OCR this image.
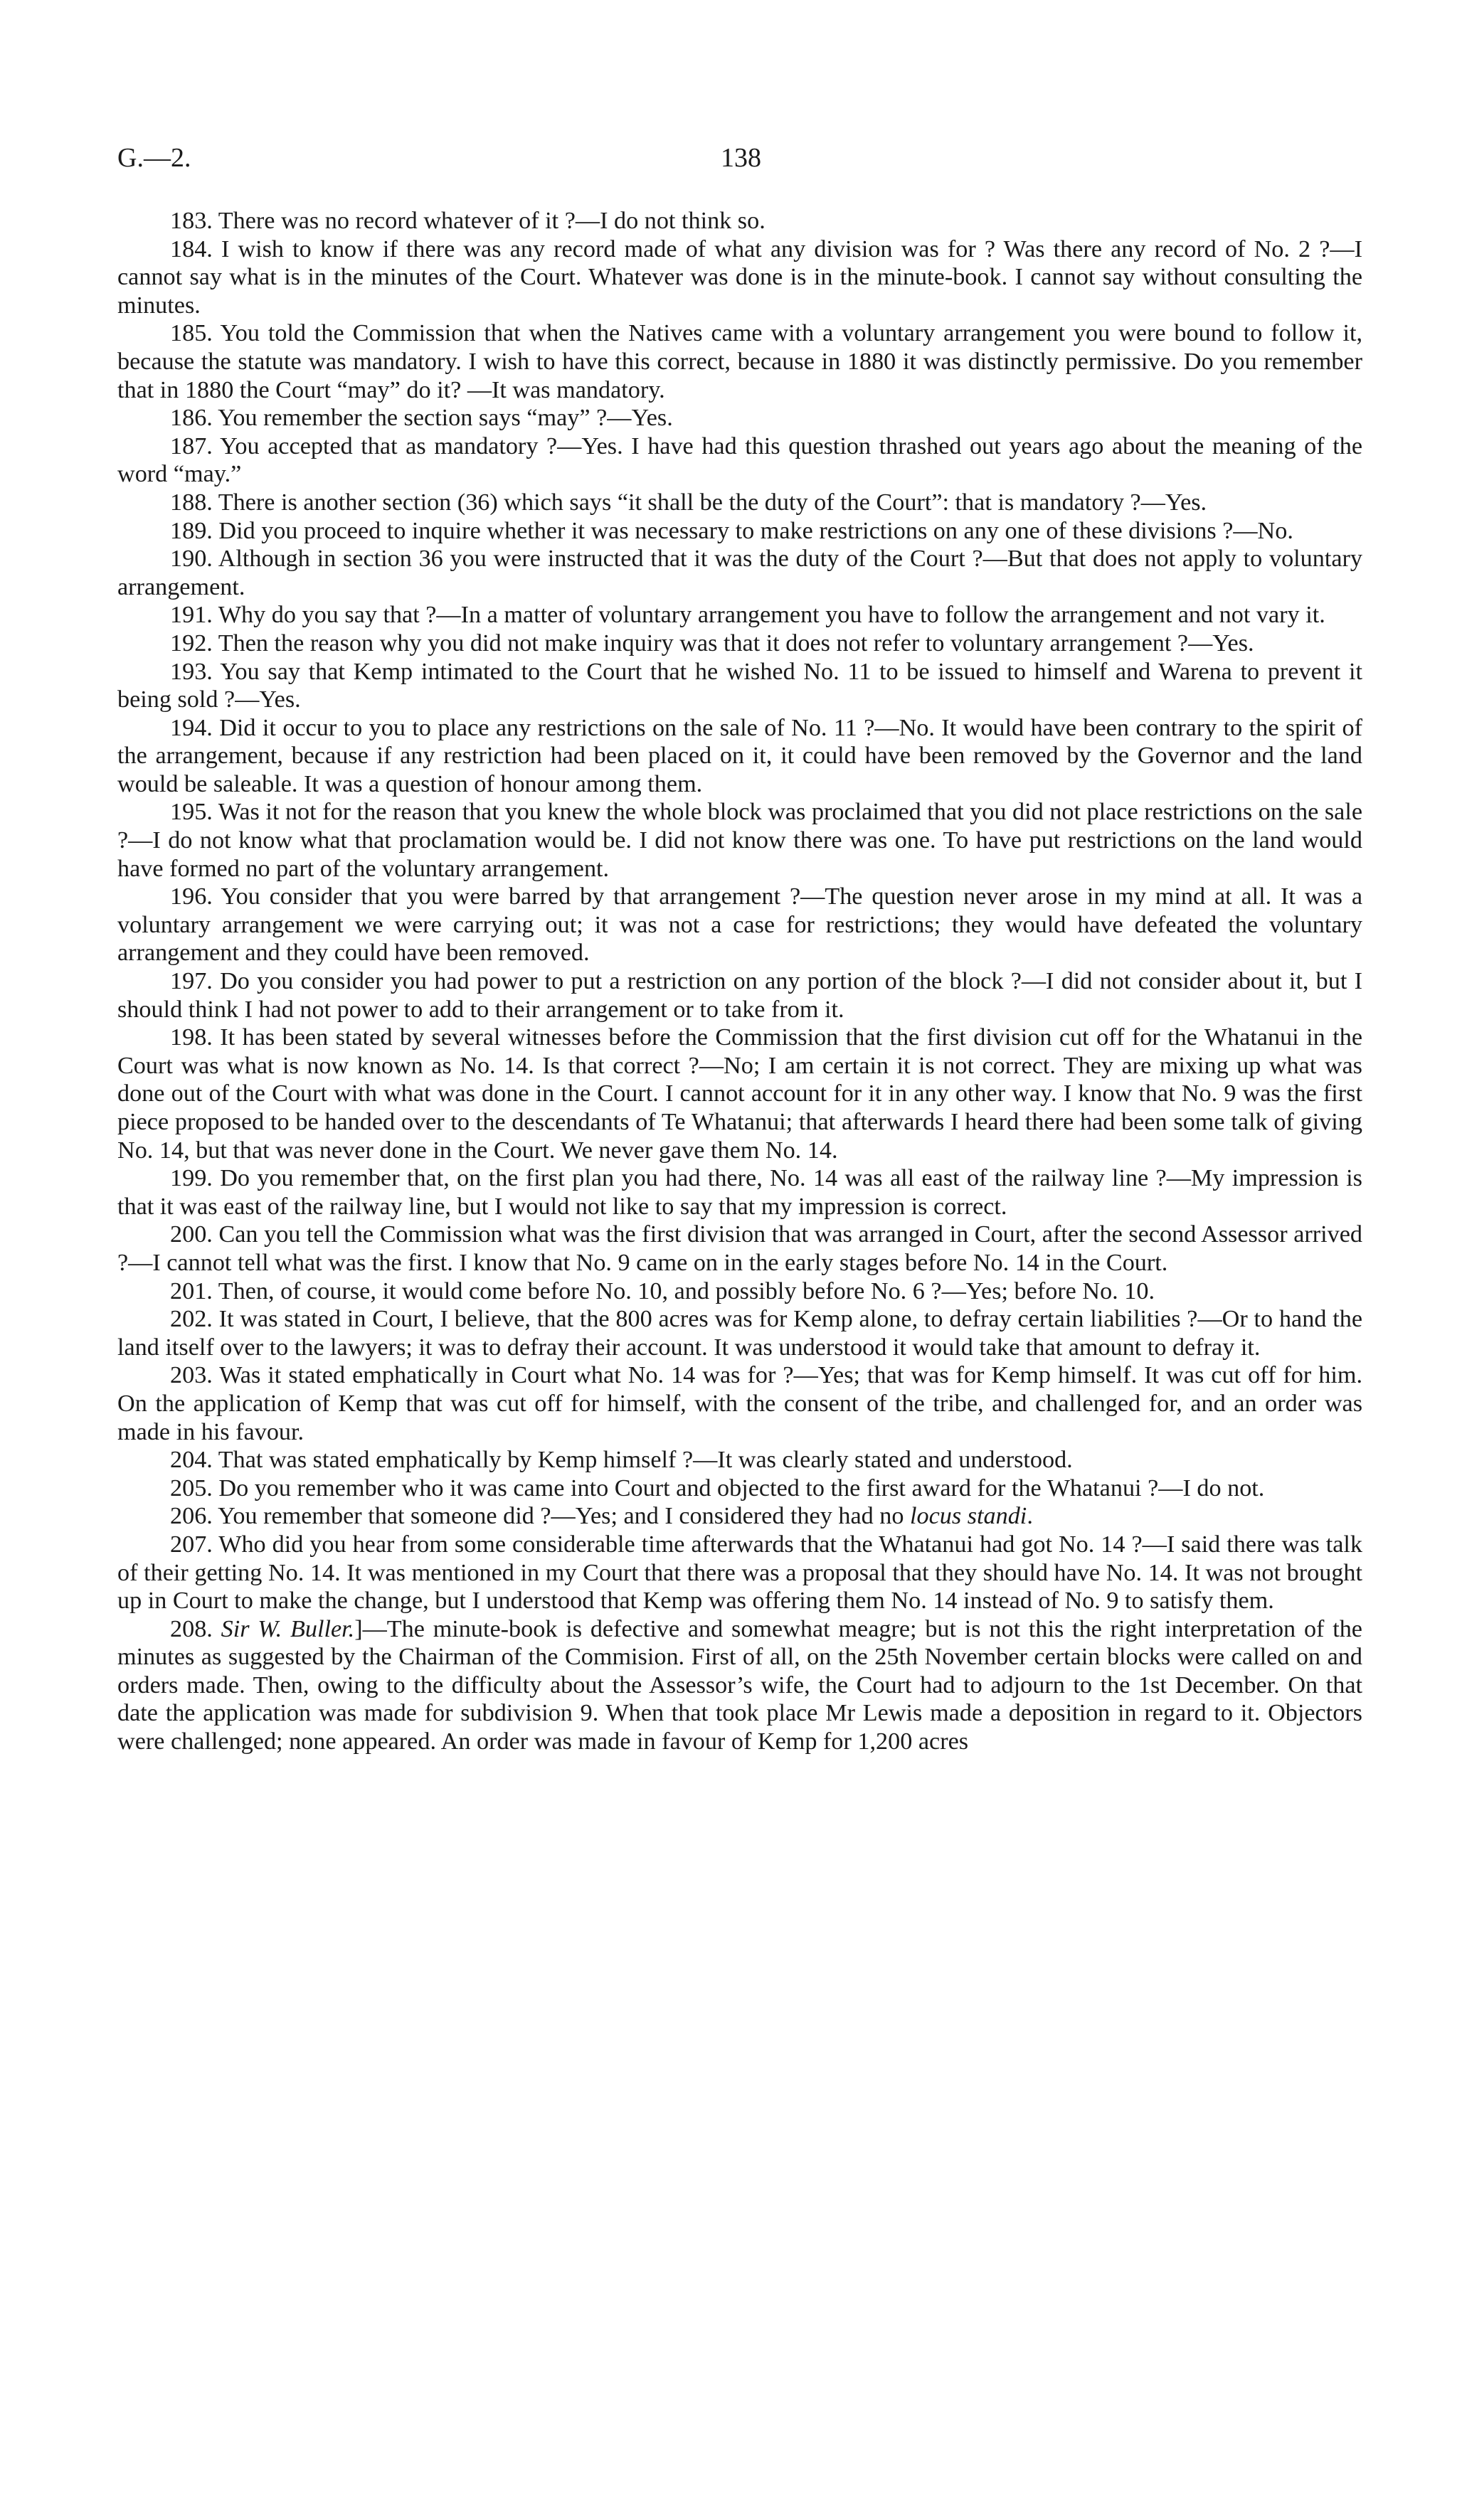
G.—2.	138

183. There was no record whatever of it ?—I do not think so.

184. I wish to know if there was any record made of what any division was for ? Was there any record of No. 2 ?—I cannot say what is in the minutes of the Court. Whatever was done is in the minute-book. I cannot say without consulting the minutes.

185. You told the Commission that when the Natives came with a voluntary arrangement you were bound to follow it, because the statute was mandatory. I wish to have this correct, because in 1880 it was distinctly permissive. Do you remember that in 1880 the Court “may” do it? —It was mandatory.

186. You remember the section says “may” ?—Yes.

187. You accepted that as mandatory ?—Yes. I have had this question thrashed out years ago about the meaning of the word “may.”

188. There is another section (36) which says “it shall be the duty of the Court”: that is mandatory ?—Yes.

189. Did you proceed to inquire whether it was necessary to make restrictions on any one of these divisions ?—No.

190. Although in section 36 you were instructed that it was the duty of the Court ?—But that does not apply to voluntary arrangement.

191. Why do you say that ?—In a matter of voluntary arrangement you have to follow the arrangement and not vary it.

192. Then the reason why you did not make inquiry was that it does not refer to voluntary arrangement ?—Yes.

193. You say that Kemp intimated to the Court that he wished No. 11 to be issued to himself and Warena to prevent it being sold ?—Yes.

194. Did it occur to you to place any restrictions on the sale of No. 11 ?—No. It would have been contrary to the spirit of the arrangement, because if any restriction had been placed on it, it could have been removed by the Governor and the land would be saleable. It was a question of honour among them.

195. Was it not for the reason that you knew the whole block was proclaimed that you did not place restrictions on the sale ?—I do not know what that proclamation would be. I did not know there was one. To have put restrictions on the land would have formed no part of the voluntary arrangement.

196. You consider that you were barred by that arrangement ?—The question never arose in my mind at all. It was a voluntary arrangement we were carrying out; it was not a case for restrictions; they would have defeated the voluntary arrangement and they could have been removed.

197. Do you consider you had power to put a restriction on any portion of the block ?—I did not consider about it, but I should think I had not power to add to their arrangement or to take from it.

198. It has been stated by several witnesses before the Commission that the first division cut off for the Whatanui in the Court was what is now known as No. 14. Is that correct ?—No; I am certain it is not correct. They are mixing up what was done out of the Court with what was done in the Court. I cannot account for it in any other way. I know that No. 9 was the first piece proposed to be handed over to the descendants of Te Whatanui; that afterwards I heard there had been some talk of giving No. 14, but that was never done in the Court. We never gave them No. 14.

199. Do you remember that, on the first plan you had there, No. 14 was all east of the railway line ?—My impression is that it was east of the railway line, but I would not like to say that my impression is correct.

200. Can you tell the Commission what was the first division that was arranged in Court, after the second Assessor arrived ?—I cannot tell what was the first. I know that No. 9 came on in the early stages before No. 14 in the Court.

201. Then, of course, it would come before No. 10, and possibly before No. 6 ?—Yes; before No. 10.

202. It was stated in Court, I believe, that the 800 acres was for Kemp alone, to defray certain liabilities ?—Or to hand the land itself over to the lawyers; it was to defray their account. It was understood it would take that amount to defray it.

203. Was it stated emphatically in Court what No. 14 was for ?—Yes; that was for Kemp himself. It was cut off for him. On the application of Kemp that was cut off for himself, with the consent of the tribe, and challenged for, and an order was made in his favour.

204. That was stated emphatically by Kemp himself ?—It was clearly stated and understood.

205. Do you remember who it was came into Court and objected to the first award for the Whatanui ?—I do not.

206. You remember that someone did ?—Yes; and I considered they had no locus standi.

207. Who did you hear from some considerable time afterwards that the Whatanui had got No. 14 ?—I said there was talk of their getting No. 14. It was mentioned in my Court that there was a proposal that they should have No. 14. It was not brought up in Court to make the change, but I understood that Kemp was offering them No. 14 instead of No. 9 to satisfy them.

208. Sir W. Buller.]—The minute-book is defective and somewhat meagre; but is not this the right interpretation of the minutes as suggested by the Chairman of the Commision. First of all, on the 25th November certain blocks were called on and orders made. Then, owing to the difficulty about the Assessor’s wife, the Court had to adjourn to the 1st December. On that date the application was made for subdivision 9. When that took place Mr Lewis made a deposition in regard to it. Objectors were challenged; none appeared. An order was made in favour of Kemp for 1,200 acres
